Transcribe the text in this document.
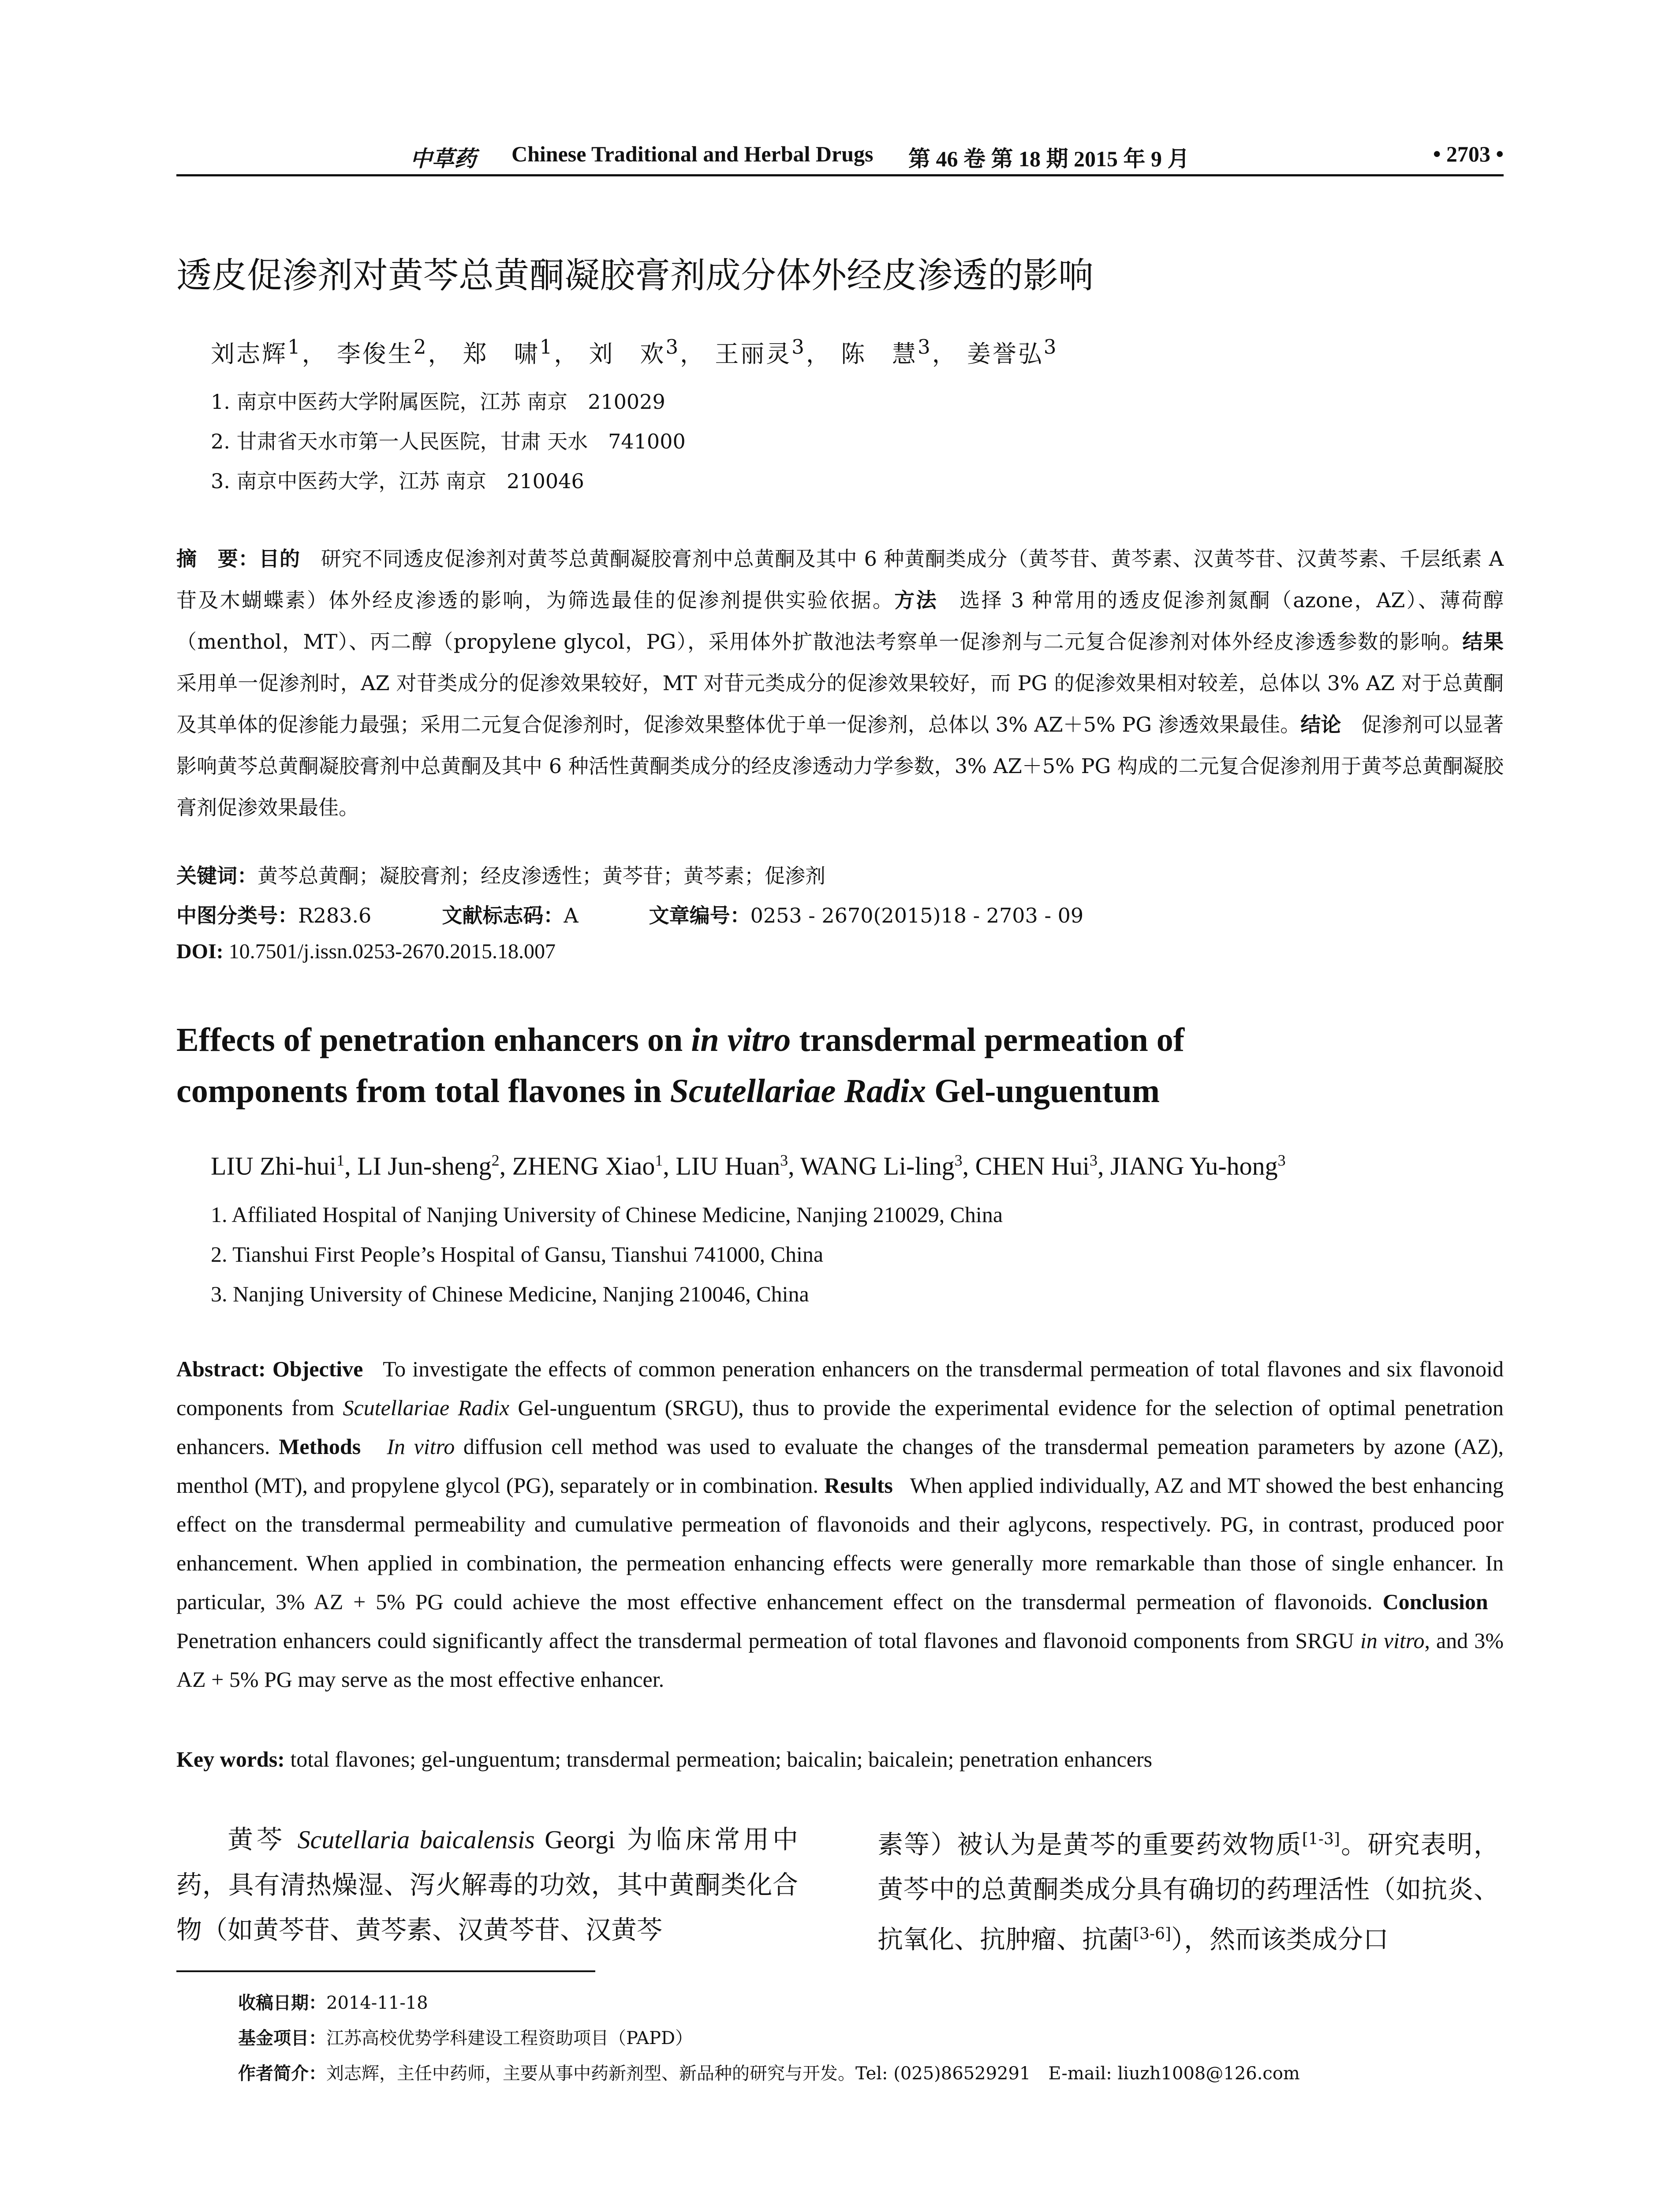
中草药 Chinese Traditional and Herbal Drugs 第 46 卷 第 18 期 2015 年 9 月	• 2703 •
透皮促渗剂对黄芩总黄酮凝胶膏剂成分体外经皮渗透的影响
刘志辉$^1$， 李俊生$^2$， 郑　啸$^1$， 刘　欢$^3$， 王丽灵$^3$， 陈　慧$^3$， 姜誉弘$^3$
1. 南京中医药大学附属医院，江苏 南京　210029
2. 甘肃省天水市第一人民医院，甘肃 天水　741000
3. 南京中医药大学，江苏 南京　210046
摘　要：目的　 研究不同透皮促渗剂对黄芩总黄酮凝胶膏剂中总黄酮及其中 6 种黄酮类成分（黄芩苷、黄芩素、汉黄芩苷、汉黄芩素、千层纸素 A 苷及木蝴蝶素）体外经皮渗透的影响，为筛选最佳的促渗剂提供实验依据。方法　 选择 3 种常用的透皮促渗剂氮酮（azone，AZ）、薄荷醇（menthol，MT）、丙二醇（propylene glycol，PG），采用体外扩散池法考察单一促渗剂与二元复合促渗剂对体外经皮渗透参数的影响。结果　采用单一促渗剂时，AZ 对苷类成分的促渗效果较好，MT 对苷元类成分的促渗效果较好，而 PG 的促渗效果相对较差，总体以 3% AZ 对于总黄酮及其单体的促渗能力最强；采用二元复合促渗剂时，促渗效果整体优于单一促渗剂，总体以 3% AZ＋5% PG 渗透效果最佳。结论　 促渗剂可以显著影响黄芩总黄酮凝胶膏剂中总黄酮及其中 6 种活性黄酮类成分的经皮渗透动力学参数，3% AZ＋5% PG 构成的二元复合促渗剂用于黄芩总黄酮凝胶膏剂促渗效果最佳。
关键词：黄芩总黄酮；凝胶膏剂；经皮渗透性；黄芩苷；黄芩素；促渗剂
中图分类号：R283.6	文献标志码：A	文章编号：0253 - 2670(2015)18 - 2703 - 09
DOI: 10.7501/j.issn.0253-2670.2015.18.007
Effects of penetration enhancers on in vitro transdermal permeation of
components from total flavones in Scutellariae Radix Gel-unguentum
LIU Zhi-hui$^1$, LI Jun-sheng$^2$, ZHENG Xiao$^1$, LIU Huan$^3$, WANG Li-ling$^3$, CHEN Hui$^3$, JIANG Yu-hong$^3$
1. Affiliated Hospital of Nanjing University of Chinese Medicine, Nanjing 210029, China
2. Tianshui First People’s Hospital of Gansu, Tianshui 741000, China
3. Nanjing University of Chinese Medicine, Nanjing 210046, China
Abstract: Objective To investigate the effects of common peneration enhancers on the transdermal permeation of total flavones and six flavonoid components from Scutellariae Radix Gel-unguentum (SRGU), thus to provide the experimental evidence for the selection of optimal penetration enhancers. Methods In vitro diffusion cell method was used to evaluate the changes of the transdermal pemeation parameters by azone (AZ), menthol (MT), and propylene glycol (PG), separately or in combination. Results When applied individually, AZ and MT showed the best enhancing effect on the transdermal permeability and cumulative permeation of flavonoids and their aglycons, respectively. PG, in contrast, produced poor enhancement. When applied in combination, the permeation enhancing effects were generally more remarkable than those of single enhancer. In particular, 3% AZ + 5% PG could achieve the most effective enhancement effect on the transdermal permeation of flavonoids. Conclusion   Penetration enhancers could significantly affect the transdermal permeation of total flavones and flavonoid components from SRGU in vitro, and 3% AZ + 5% PG may serve as the most effective enhancer.
Key words: total flavones; gel-unguentum; transdermal permeation; baicalin; baicalein; penetration enhancers
黄芩 Scutellaria baicalensis Georgi 为临床常用中药，具有清热燥湿、泻火解毒的功效，其中黄酮类化合物（如黄芩苷、黄芩素、汉黄芩苷、汉黄芩
素等）被认为是黄芩的重要药效物质[1-3]。研究表明，黄芩中的总黄酮类成分具有确切的药理活性（如抗炎、抗氧化、抗肿瘤、抗菌[3-6]），然而该类成分口
收稿日期：2014-11-18
基金项目：江苏高校优势学科建设工程资助项目（PAPD）
作者简介：刘志辉，主任中药师，主要从事中药新剂型、新品种的研究与开发。Tel: (025)86529291　E-mail: liuzh1008@126.com
